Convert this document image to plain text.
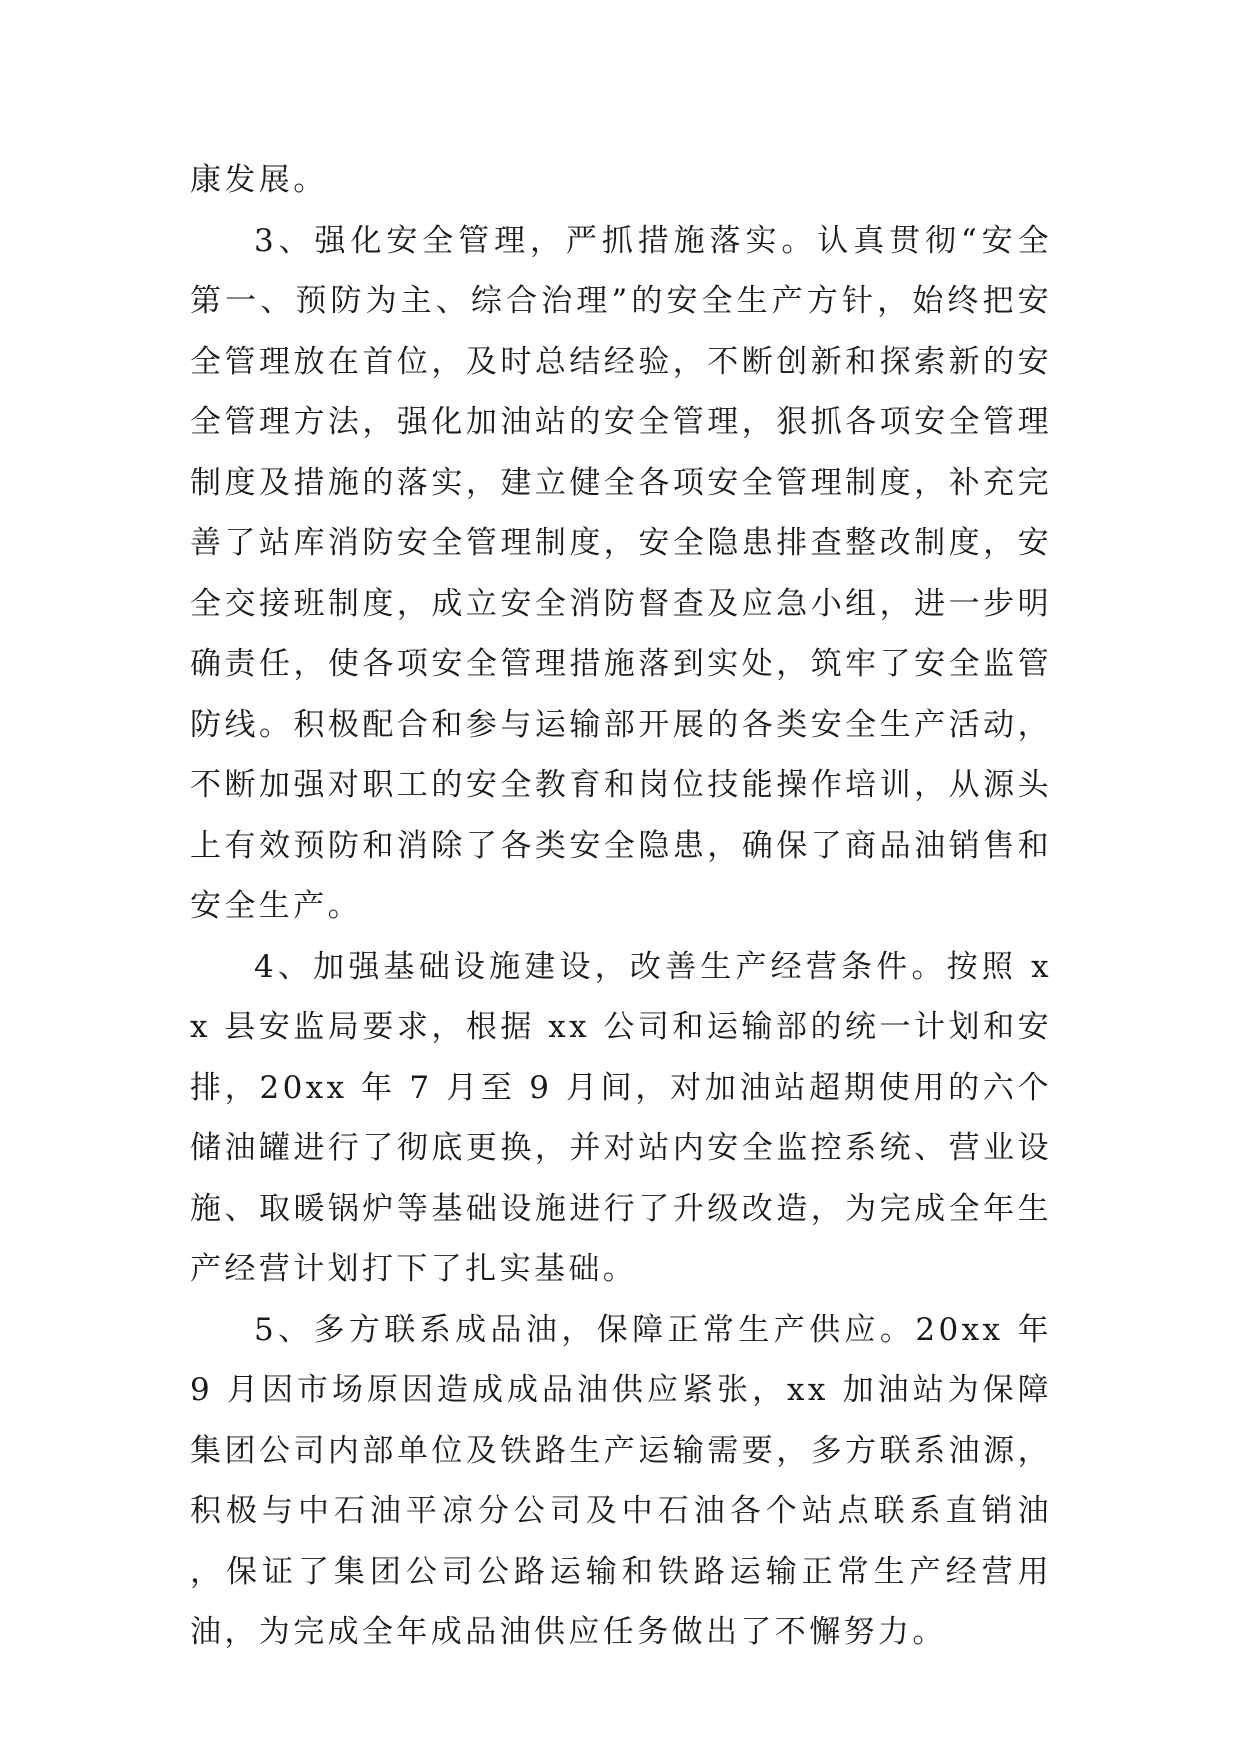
康发展。

3、强化安全管理，严抓措施落实。认真贯彻“安全第一、预防为主、综合治理”的安全生产方针，始终把安全管理放在首位，及时总结经验，不断创新和探索新的安全管理方法，强化加油站的安全管理，狠抓各项安全管理制度及措施的落实，建立健全各项安全管理制度，补充完善了站库消防安全管理制度，安全隐患排查整改制度，安全交接班制度，成立安全消防督查及应急小组，进一步明确责任，使各项安全管理措施落到实处，筑牢了安全监管防线。积极配合和参与运输部开展的各类安全生产活动，不断加强对职工的安全教育和岗位技能操作培训，从源头上有效预防和消除了各类安全隐患，确保了商品油销售和安全生产。

4、加强基础设施建设，改善生产经营条件。按照 xx 县安监局要求，根据 xx 公司和运输部的统一计划和安排，20xx 年 7 月至 9 月间，对加油站超期使用的六个储油罐进行了彻底更换，并对站内安全监控系统、营业设施、取暖锅炉等基础设施进行了升级改造，为完成全年生产经营计划打下了扎实基础。

5、多方联系成品油，保障正常生产供应。20xx 年 9 月因市场原因造成成品油供应紧张，xx 加油站为保障集团公司内部单位及铁路生产运输需要，多方联系油源，积极与中石油平凉分公司及中石油各个站点联系直销油 ，保证了集团公司公路运输和铁路运输正常生产经营用油，为完成全年成品油供应任务做出了不懈努力。
